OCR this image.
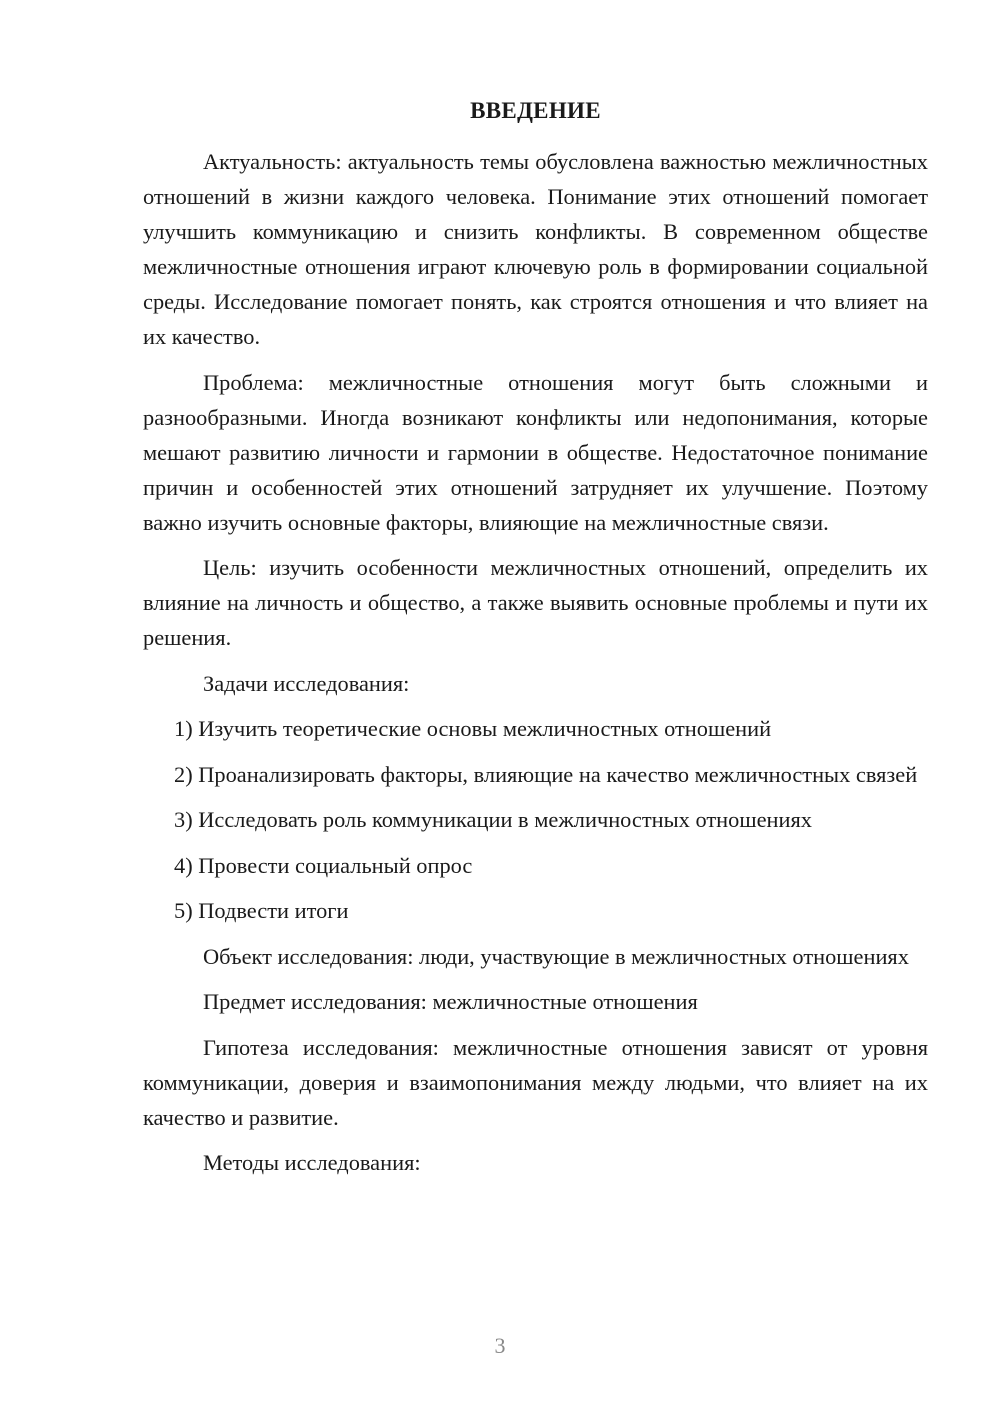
ВВЕДЕНИЕ

Актуальность: актуальность темы обусловлена важностью межличностных отношений в жизни каждого человека. Понимание этих отношений помогает улучшить коммуникацию и снизить конфликты. В современном обществе межличностные отношения играют ключевую роль в формировании социальной среды. Исследование помогает понять, как строятся отношения и что влияет на их качество.

Проблема: межличностные отношения могут быть сложными и разнообразными. Иногда возникают конфликты или недопонимания, которые мешают развитию личности и гармонии в обществе. Недостаточное понимание причин и особенностей этих отношений затрудняет их улучшение. Поэтому важно изучить основные факторы, влияющие на межличностные связи.

Цель: изучить особенности межличностных отношений, определить их влияние на личность и общество, а также выявить основные проблемы и пути их решения.

Задачи исследования:

1) Изучить теоретические основы межличностных отношений

2) Проанализировать факторы, влияющие на качество межличностных связей

3) Исследовать роль коммуникации в межличностных отношениях

4) Провести социальный опрос

5) Подвести итоги

Объект исследования: люди, участвующие в межличностных отношениях

Предмет исследования: межличностные отношения

Гипотеза исследования: межличностные отношения зависят от уровня коммуникации, доверия и взаимопонимания между людьми, что влияет на их качество и развитие.

Методы исследования:

3
